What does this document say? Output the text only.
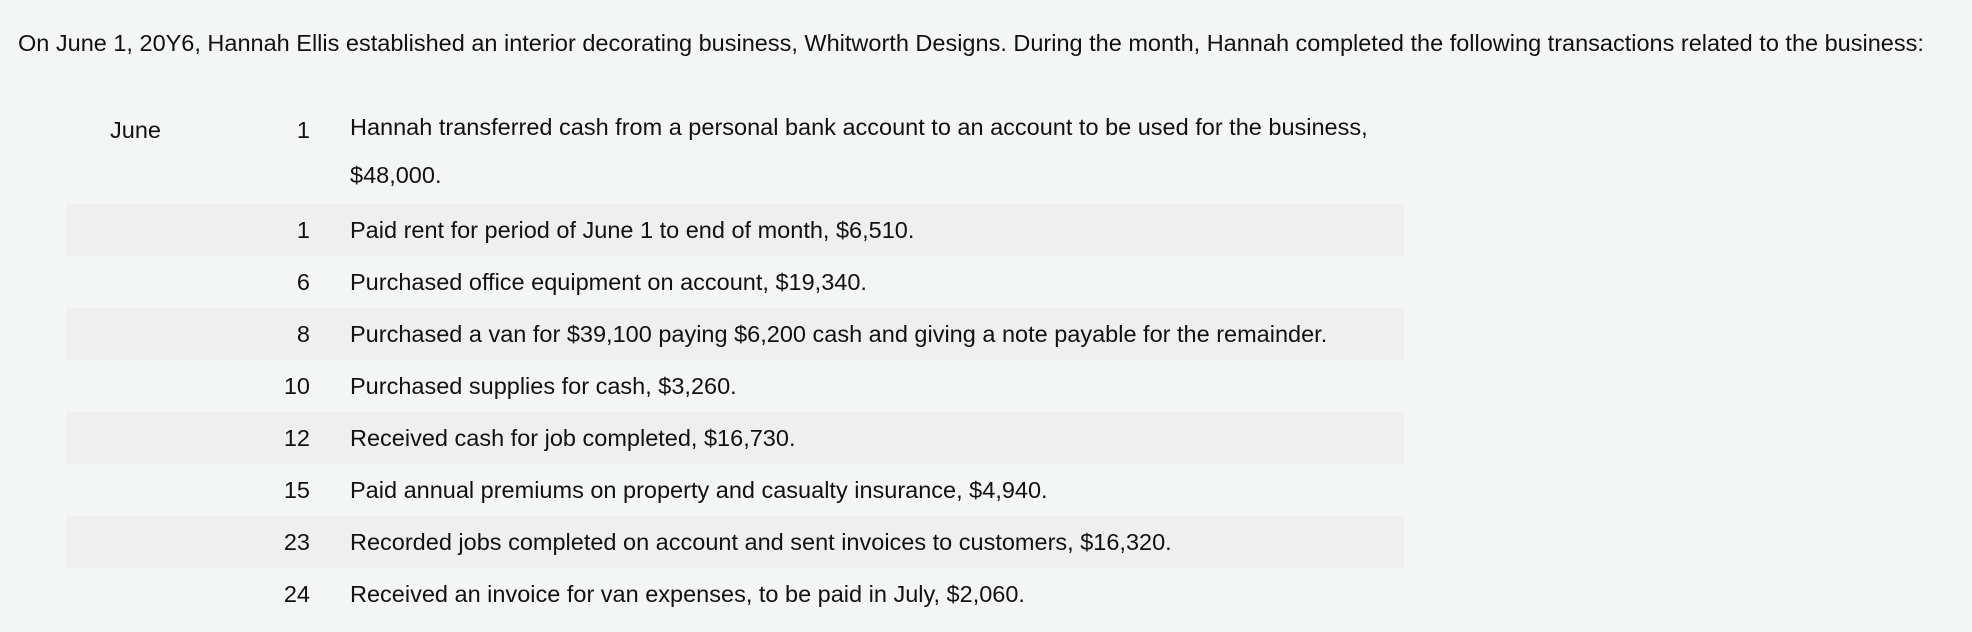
On June 1, 20Y6, Hannah Ellis established an interior decorating business, Whitworth Designs. During the month, Hannah completed the following transactions related to the business:
June	1	Hannah transferred cash from a personal bank account to an account to be used for the business,
$48,000.

	1	Paid rent for period of June 1 to end of month, $6,510.
	6	Purchased office equipment on account, $19,340.
	8	Purchased a van for $39,100 paying $6,200 cash and giving a note payable for the remainder.
	10	Purchased supplies for cash, $3,260.
	12	Received cash for job completed, $16,730.
	15	Paid annual premiums on property and casualty insurance, $4,940.
	23	Recorded jobs completed on account and sent invoices to customers, $16,320.
	24	Received an invoice for van expenses, to be paid in July, $2,060.
